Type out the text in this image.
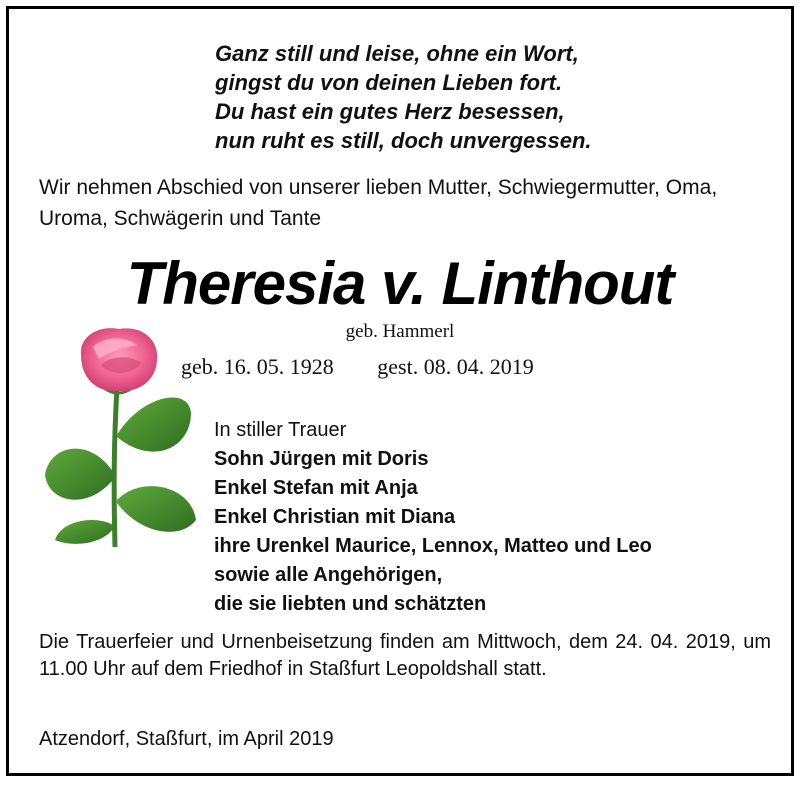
Ganz still und leise, ohne ein Wort,
gingst du von deinen Lieben fort.
Du hast ein gutes Herz besessen,
nun ruht es still, doch unvergessen.
Wir nehmen Abschied von unserer lieben Mutter, Schwiegermutter, Oma, Uroma, Schwägerin und Tante
Theresia v. Linthout
geb. Hammerl
geb. 16. 05. 1928 gest. 08. 04. 2019
In stiller Trauer
Sohn Jürgen mit Doris
Enkel Stefan mit Anja
Enkel Christian mit Diana
ihre Urenkel Maurice, Lennox, Matteo und Leo
sowie alle Angehörigen,
die sie liebten und schätzten
Die Trauerfeier und Urnenbeisetzung finden am Mittwoch, dem 24. 04. 2019, um 11.00 Uhr auf dem Friedhof in Staßfurt Leopoldshall statt.
Atzendorf, Staßfurt, im April 2019
